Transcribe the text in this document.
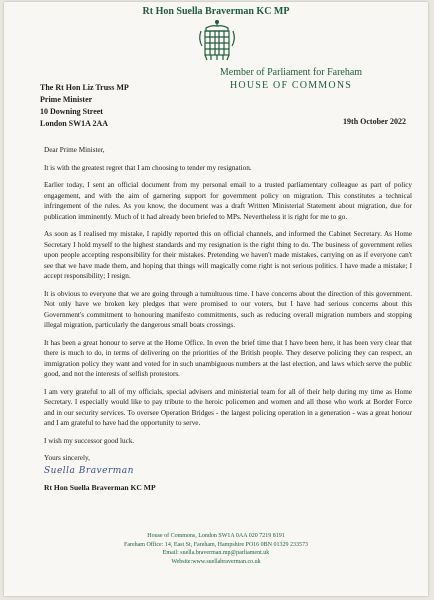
Rt Hon Suella Braverman KC MP
Member of Parliament for Fareham
HOUSE OF COMMONS
The Rt Hon Liz Truss MP
Prime Minister
10 Downing Street
London SW1A 2AA	19th October 2022

Dear Prime Minister,

It is with the greatest regret that I am choosing to tender my resignation.

Earlier today, I sent an official document from my personal email to a trusted parliamentary colleague as part of policy engagement, and with the aim of garnering support for government policy on migration. This constitutes a technical infringement of the rules. As you know, the document was a draft Written Ministerial Statement about migration, due for publication imminently. Much of it had already been briefed to MPs. Nevertheless it is right for me to go.

As soon as I realised my mistake, I rapidly reported this on official channels, and informed the Cabinet Secretary. As Home Secretary I hold myself to the highest standards and my resignation is the right thing to do. The business of government relies upon people accepting responsibility for their mistakes. Pretending we haven't made mistakes, carrying on as if everyone can't see that we have made them, and hoping that things will magically come right is not serious politics. I have made a mistake; I accept responsibility; I resign.

It is obvious to everyone that we are going through a tumultuous time. I have concerns about the direction of this government. Not only have we broken key pledges that were promised to our voters, but I have had serious concerns about this Government's commitment to honouring manifesto commitments, such as reducing overall migration numbers and stopping illegal migration, particularly the dangerous small boats crossings.

It has been a great honour to serve at the Home Office. In even the brief time that I have been here, it has been very clear that there is much to do, in terms of delivering on the priorities of the British people. They deserve policing they can respect, an immigration policy they want and voted for in such unambiguous numbers at the last election, and laws which serve the public good, and not the interests of selfish protestors.

I am very grateful to all of my officials, special advisers and ministerial team for all of their help during my time as Home Secretary. I especially would like to pay tribute to the heroic policemen and women and all those who work at Border Force and in our security services. To oversee Operation Bridges - the largest policing operation in a generation - was a great honour and I am grateful to have had the opportunity to serve.

I wish my successor good luck.

Yours sincerely,

Suella Braverman
Rt Hon Suella Braverman KC MP
House of Commons, London SW1A 0AA 020 7219 8191
Fareham Office: 14, East St, Fareham, Hampshire PO16 0BN 01329 233573
Email: suella.braverman.mp@parliament.uk
Website:www.suellabraverman.co.uk
